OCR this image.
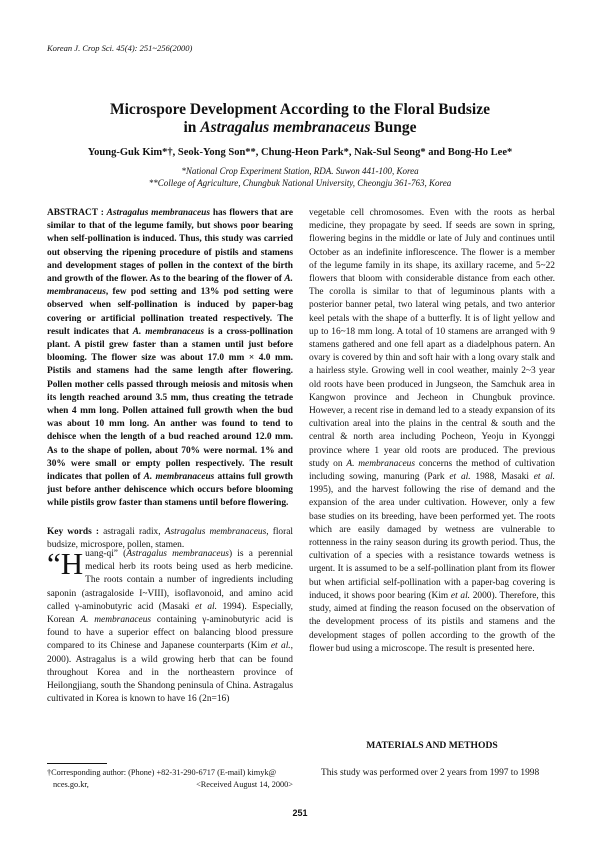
Korean J. Crop Sci. 45(4): 251~256(2000)
Microspore Development According to the Floral Budsize
in Astragalus membranaceus Bunge
Young-Guk Kim*†, Seok-Yong Son**, Chung-Heon Park*, Nak-Sul Seong* and Bong-Ho Lee*
*National Crop Experiment Station, RDA. Suwon 441-100, Korea
**College of Agriculture, Chungbuk National University, Cheongju 361-763, Korea
ABSTRACT : Astragalus membranaceus has flowers that are similar to that of the legume family, but shows poor bearing when self-pollination is induced. Thus, this study was carried out observing the ripening procedure of pistils and stamens and development stages of pollen in the context of the birth and growth of the flower. As to the bearing of the flower of A. membranaceus, few pod setting and 13% pod setting were observed when self-pollination is induced by paper-bag covering or artificial pollination treated respectively. The result indicates that A. membranaceus is a cross-pollination plant. A pistil grew faster than a stamen until just before blooming. The flower size was about 17.0 mm × 4.0 mm. Pistils and stamens had the same length after flowering. Pollen mother cells passed through meiosis and mitosis when its length reached around 3.5 mm, thus creating the tetrade when 4 mm long. Pollen attained full growth when the bud was about 10 mm long. An anther was found to tend to dehisce when the length of a bud reached around 12.0 mm. As to the shape of pollen, about 70% were normal. 1% and 30% were small or empty pollen respectively. The result indicates that pollen of A. membranaceus attains full growth just before anther dehiscence which occurs before blooming while pistils grow faster than stamens until before flowering.
Key words : astragali radix, Astragalus membranaceus, floral budsize, microspore, pollen, stamen.
“Huang-qi” (Astragalus membranaceus) is a perennial medical herb its roots being used as herb medicine. The roots contain a number of ingredients including saponin (astragaloside I~VIII), isoflavonoid, and amino acid called γ-aminobutyric acid (Masaki et al. 1994). Especially, Korean A. membranaceus containing γ-aminobutyric acid is found to have a superior effect on balancing blood pressure compared to its Chinese and Japanese counterparts (Kim et al., 2000). Astragalus is a wild growing herb that can be found throughout Korea and in the northeastern province of Heilongjiang, south the Shandong peninsula of China. Astragalus cultivated in Korea is known to have 16 (2n=16)
†Corresponding author: (Phone) +82-31-290-6717 (E-mail) kimyk@
nces.go.kr,	<Received August 14, 2000>
vegetable cell chromosomes. Even with the roots as herbal medicine, they propagate by seed. If seeds are sown in spring, flowering begins in the middle or late of July and continues until October as an indefinite inflorescence. The flower is a member of the legume family in its shape, its axillary raceme, and 5~22 flowers that bloom with considerable distance from each other. The corolla is similar to that of leguminous plants with a posterior banner petal, two lateral wing petals, and two anterior keel petals with the shape of a butterfly. It is of light yellow and up to 16~18 mm long. A total of 10 stamens are arranged with 9 stamens gathered and one fell apart as a diadelphous patern. An ovary is covered by thin and soft hair with a long ovary stalk and a hairless style. Growing well in cool weather, mainly 2~3 year old roots have been produced in Jungseon, the Samchuk area in Kangwon province and Jecheon in Chungbuk province. However, a recent rise in demand led to a steady expansion of its cultivation areal into the plains in the central & south and the central & north area including Pocheon, Yeoju in Kyonggi province where 1 year old roots are produced. The previous study on A. membranaceus concerns the method of cultivation including sowing, manuring (Park et al. 1988, Masaki et al. 1995), and the harvest following the rise of demand and the expansion of the area under cultivation. However, only a few base studies on its breeding, have been performed yet. The roots which are easily damaged by wetness are vulnerable to rottenness in the rainy season during its growth period. Thus, the cultivation of a species with a resistance towards wetness is urgent. It is assumed to be a self-pollination plant from its flower but when artificial self-pollination with a paper-bag covering is induced, it shows poor bearing (Kim et al. 2000). Therefore, this study, aimed at finding the reason focused on the observation of the development process of its pistils and stamens and the development stages of pollen according to the growth of the flower bud using a microscope. The result is presented here.
MATERIALS AND METHODS
This study was performed over 2 years from 1997 to 1998
251
